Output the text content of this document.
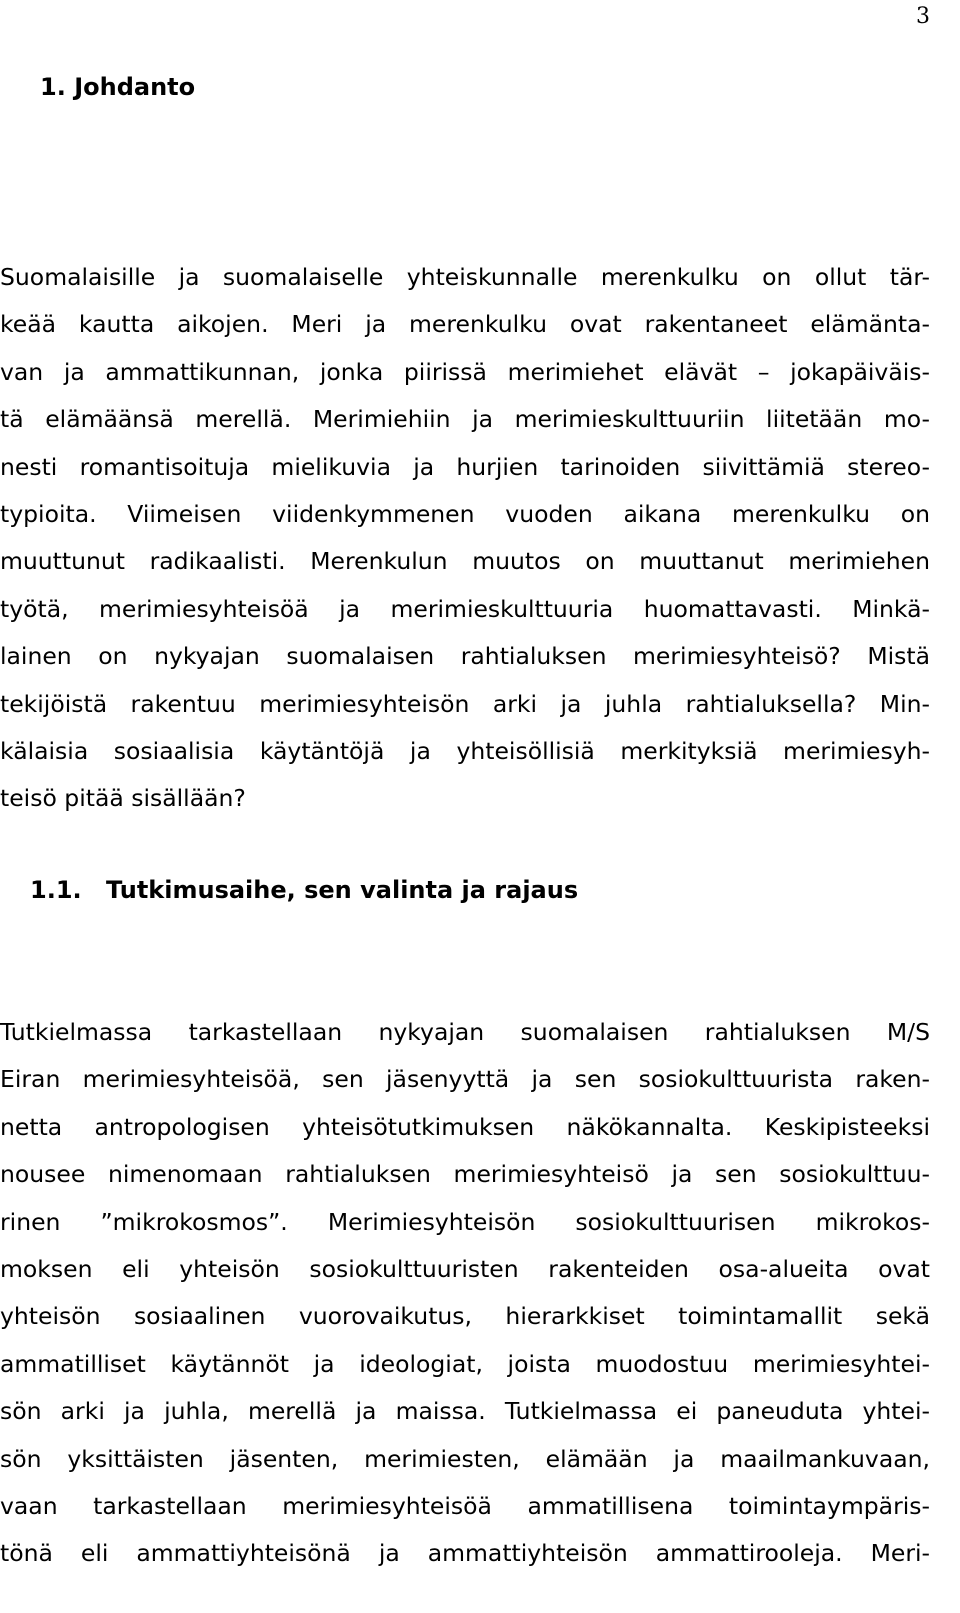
3
1. Johdanto
Suomalaisille ja suomalaiselle yhteiskunnalle merenkulku on ollut tär-
keää kautta aikojen. Meri ja merenkulku ovat rakentaneet elämänta-
van ja ammattikunnan, jonka piirissä merimiehet elävät – jokapäiväis-
tä elämäänsä merellä. Merimiehiin ja merimieskulttuuriin liitetään mo-
nesti romantisoituja mielikuvia ja hurjien tarinoiden siivittämiä stereo-
typioita. Viimeisen viidenkymmenen vuoden aikana merenkulku on
muuttunut radikaalisti. Merenkulun muutos on muuttanut merimiehen
työtä, merimiesyhteisöä ja merimieskulttuuria huomattavasti. Minkä-
lainen on nykyajan suomalaisen rahtialuksen merimiesyhteisö? Mistä
tekijöistä rakentuu merimiesyhteisön arki ja juhla rahtialuksella? Min-
kälaisia sosiaalisia käytäntöjä ja yhteisöllisiä merkityksiä merimiesyh-
teisö pitää sisällään?
1.1. Tutkimusaihe, sen valinta ja rajaus
Tutkielmassa tarkastellaan nykyajan suomalaisen rahtialuksen M/S
Eiran merimiesyhteisöä, sen jäsenyyttä ja sen sosiokulttuurista raken-
netta antropologisen yhteisötutkimuksen näkökannalta. Keskipisteeksi
nousee nimenomaan rahtialuksen merimiesyhteisö ja sen sosiokulttuu-
rinen ”mikrokosmos”. Merimiesyhteisön sosiokulttuurisen mikrokos-
moksen eli yhteisön sosiokulttuuristen rakenteiden osa-alueita ovat
yhteisön sosiaalinen vuorovaikutus, hierarkkiset toimintamallit sekä
ammatilliset käytännöt ja ideologiat, joista muodostuu merimiesyhtei-
sön arki ja juhla, merellä ja maissa. Tutkielmassa ei paneuduta yhtei-
sön yksittäisten jäsenten, merimiesten, elämään ja maailmankuvaan,
vaan tarkastellaan merimiesyhteisöä ammatillisena toimintaympäris-
tönä eli ammattiyhteisönä ja ammattiyhteisön ammattirooleja. Meri-
